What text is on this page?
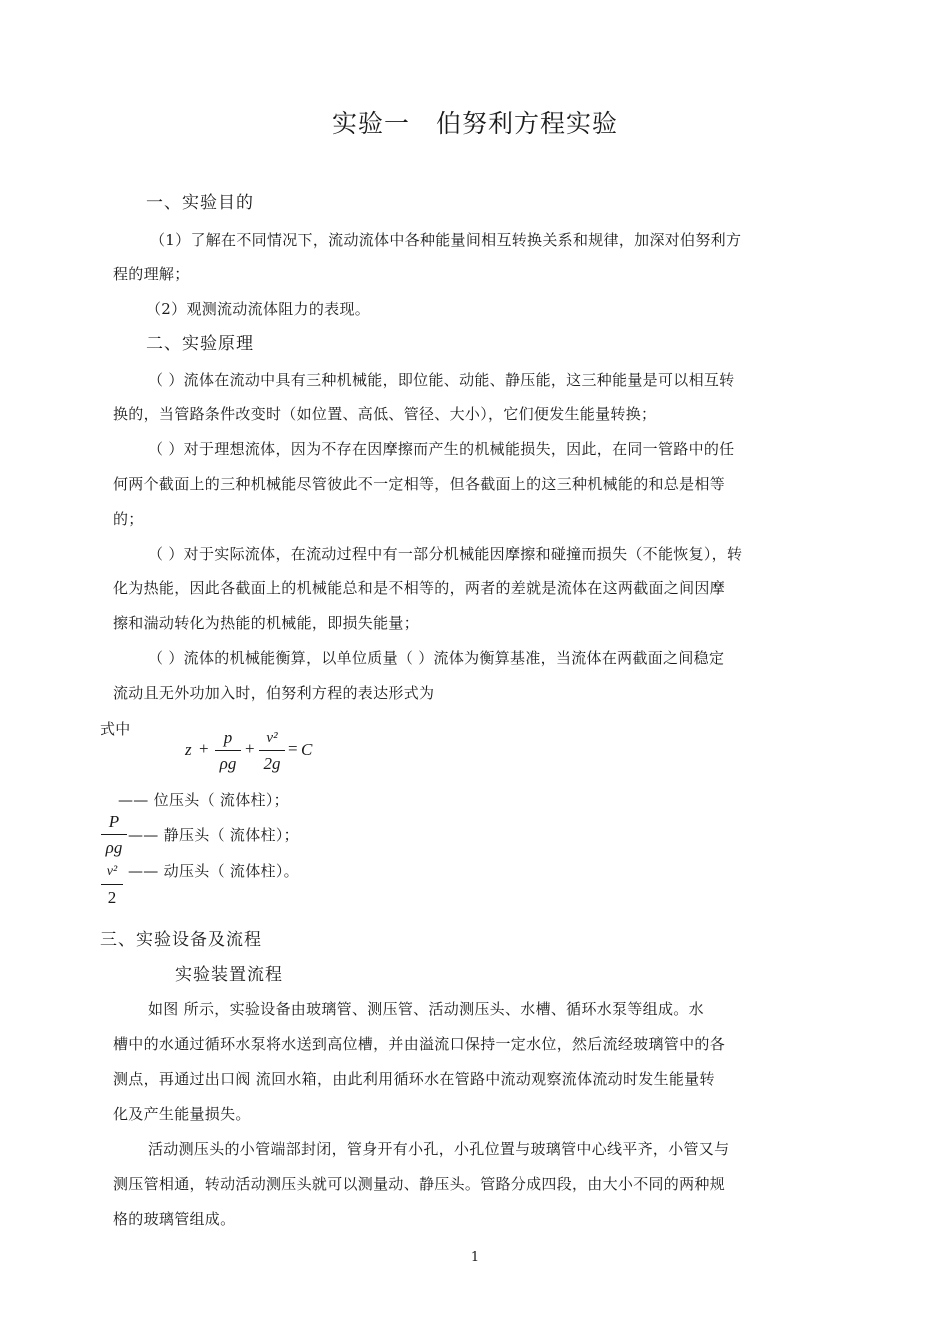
实验一　伯努利方程实验
一、实验目的
（1）了解在不同情况下，流动流体中各种能量间相互转换关系和规律，加深对伯努利方
程的理解；
（2）观测流动流体阻力的表现。
二、实验原理
（ ）流体在流动中具有三种机械能，即位能、动能、静压能，这三种能量是可以相互转
换的，当管路条件改变时（如位置、高低、管径、大小），它们便发生能量转换；
（ ）对于理想流体，因为不存在因摩擦而产生的机械能损失，因此，在同一管路中的任
何两个截面上的三种机械能尽管彼此不一定相等，但各截面上的这三种机械能的和总是相等
的；
（ ）对于实际流体，在流动过程中有一部分机械能因摩擦和碰撞而损失（不能恢复），转
化为热能，因此各截面上的机械能总和是不相等的，两者的差就是流体在这两截面之间因摩
擦和湍动转化为热能的机械能，即损失能量；
（ ）流体的机械能衡算，以单位质量（ ）流体为衡算基准，当流体在两截面之间稳定
流动且无外功加入时，伯努利方程的表达形式为
式中
$z + \frac{p}{\rho g} + \frac{\text{v²}}{2g} = C$
—— 位压头（ 流体柱）；
$\frac{P}{\rho g}$ —— 静压头（ 流体柱）；
v²
2
—— 动压头（ 流体柱）。
三、实验设备及流程
实验装置流程
如图 所示，实验设备由玻璃管、测压管、活动测压头、水槽、循环水泵等组成。水
槽中的水通过循环水泵将水送到高位槽，并由溢流口保持一定水位，然后流经玻璃管中的各
测点，再通过出口阀 流回水箱，由此利用循环水在管路中流动观察流体流动时发生能量转
化及产生能量损失。
活动测压头的小管端部封闭，管身开有小孔，小孔位置与玻璃管中心线平齐，小管又与
测压管相通，转动活动测压头就可以测量动、静压头。管路分成四段，由大小不同的两种规
格的玻璃管组成。
1
